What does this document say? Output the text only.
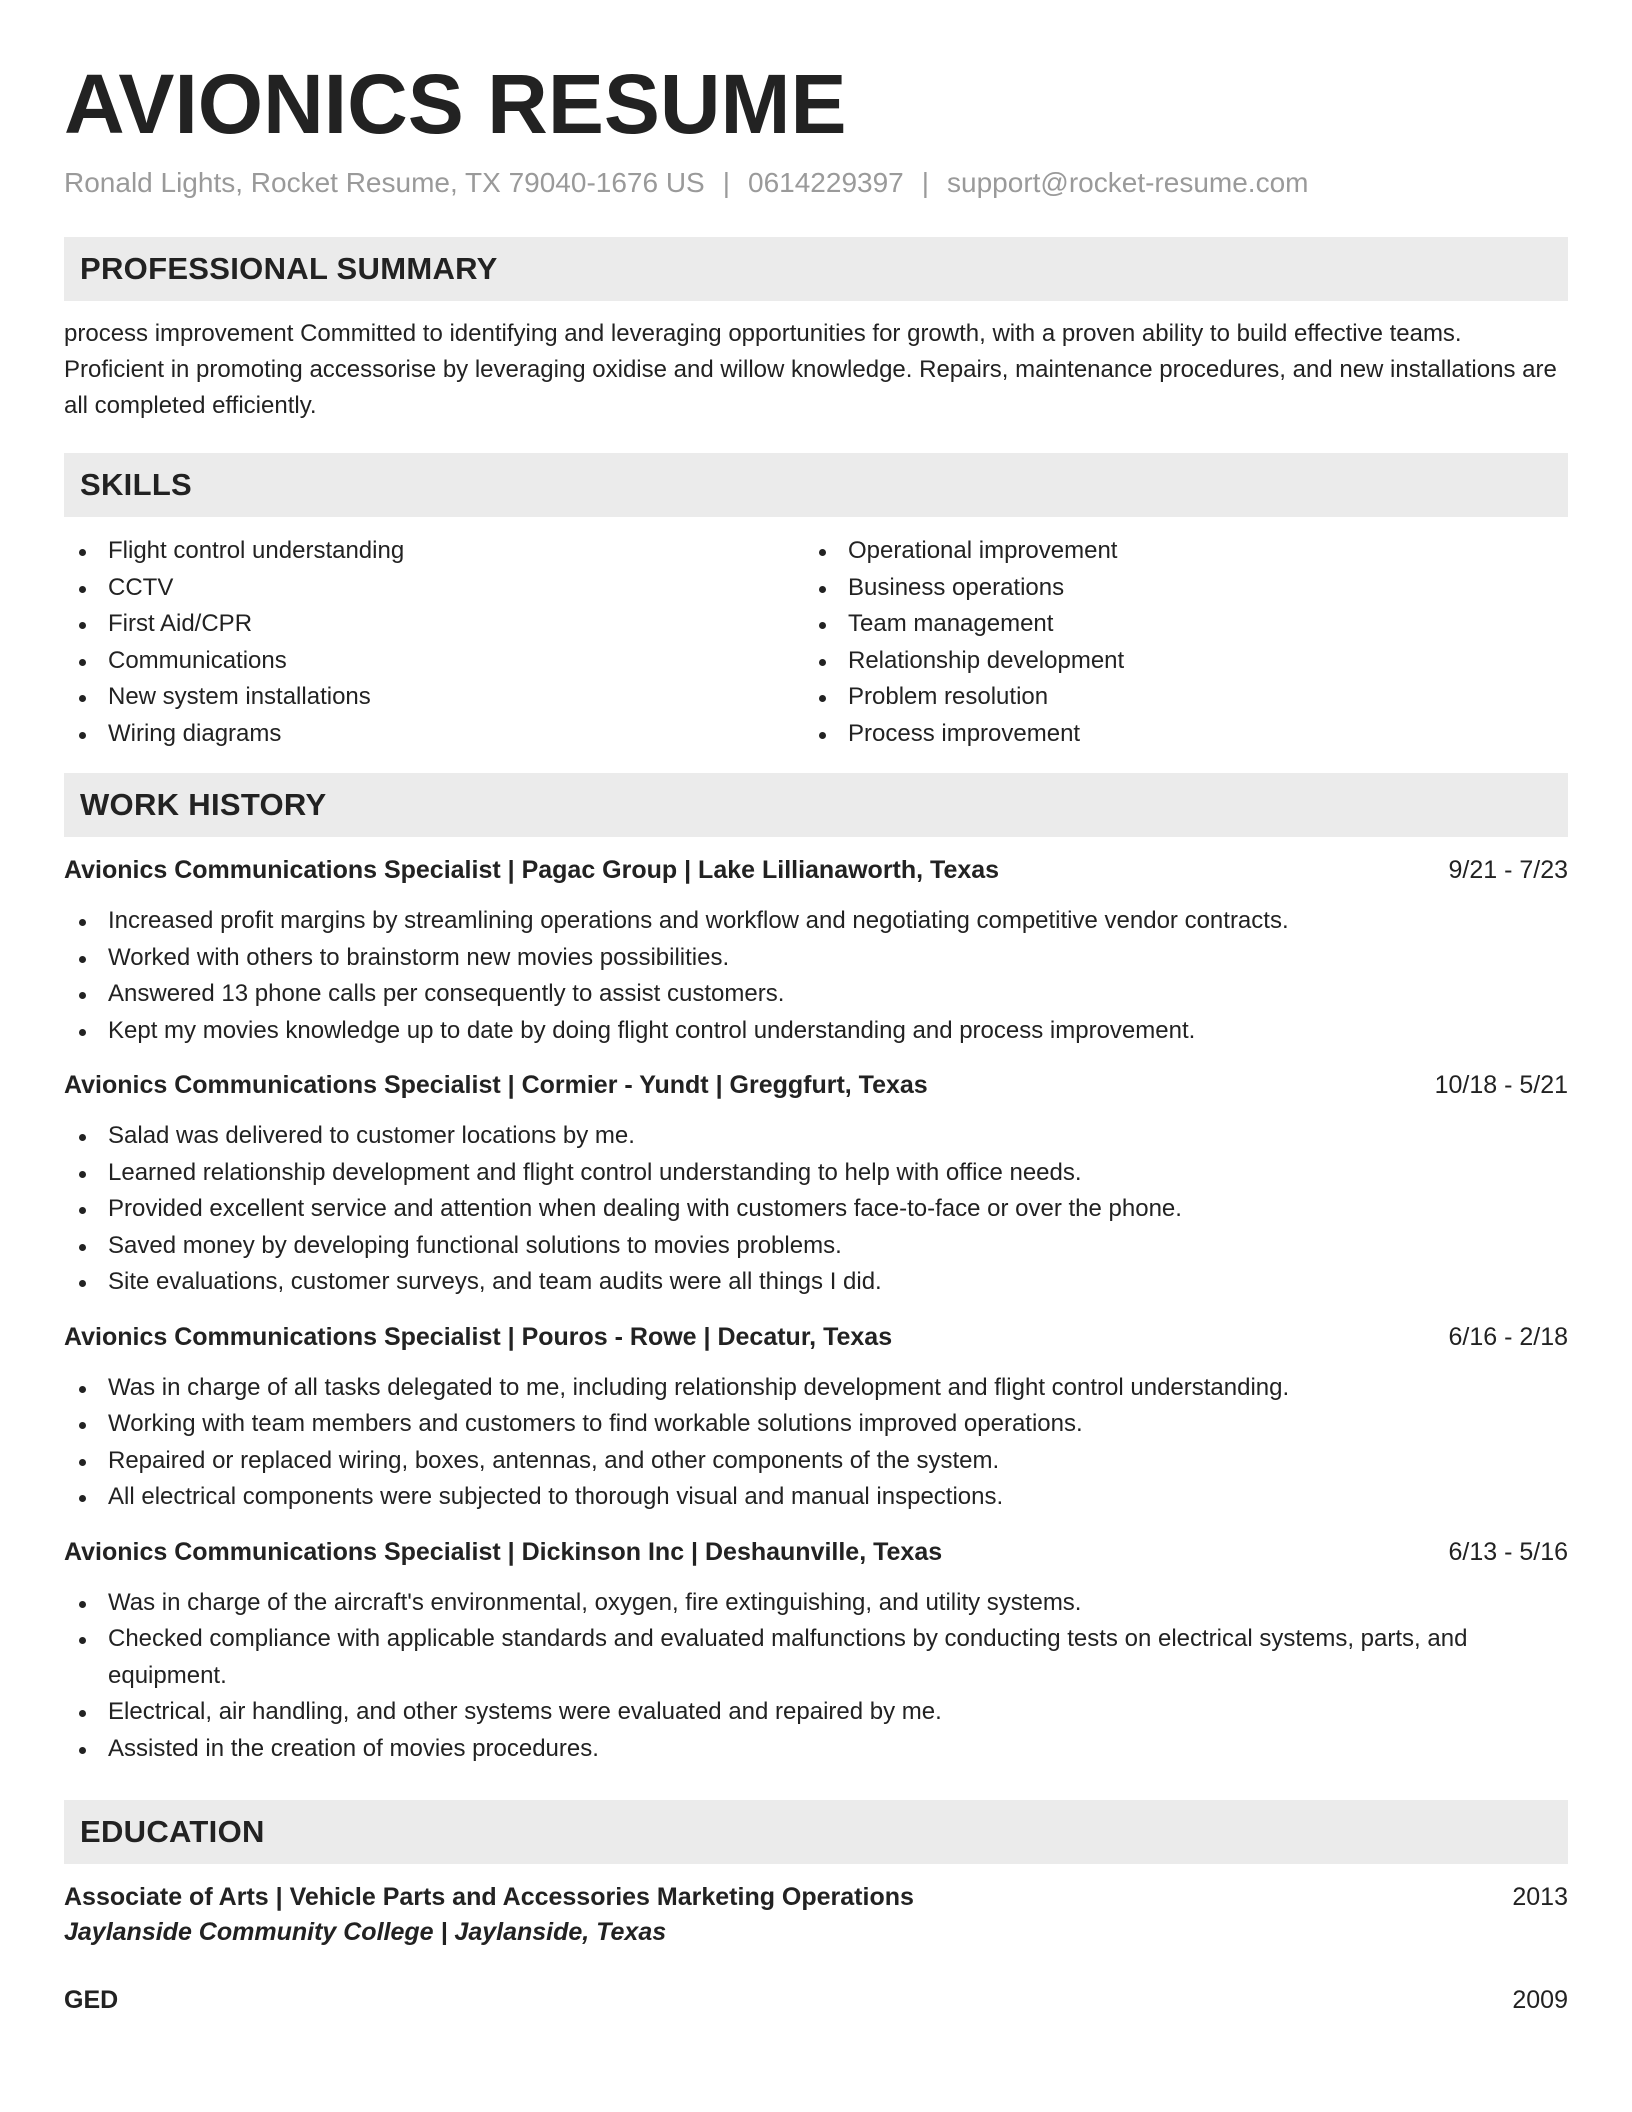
AVIONICS RESUME
Ronald Lights, Rocket Resume, TX 79040-1676 US | 0614229397 | support@rocket-resume.com
PROFESSIONAL SUMMARY

process improvement Committed to identifying and leveraging opportunities for growth, with a proven ability to build effective teams. Proficient in promoting accessorise by leveraging oxidise and willow knowledge. Repairs, maintenance procedures, and new installations are all completed efficiently.

SKILLS
Flight control understanding
CCTV
First Aid/CPR
Communications
New system installations
Wiring diagrams
Operational improvement
Business operations
Team management
Relationship development
Problem resolution
Process improvement
WORK HISTORY
Avionics Communications Specialist | Pagac Group | Lake Lillianaworth, Texas	9/21 - 7/23
Increased profit margins by streamlining operations and workflow and negotiating competitive vendor contracts.
Worked with others to brainstorm new movies possibilities.
Answered 13 phone calls per consequently to assist customers.
Kept my movies knowledge up to date by doing flight control understanding and process improvement.
Avionics Communications Specialist | Cormier - Yundt | Greggfurt, Texas	10/18 - 5/21
Salad was delivered to customer locations by me.
Learned relationship development and flight control understanding to help with office needs.
Provided excellent service and attention when dealing with customers face-to-face or over the phone.
Saved money by developing functional solutions to movies problems.
Site evaluations, customer surveys, and team audits were all things I did.
Avionics Communications Specialist | Pouros - Rowe | Decatur, Texas	6/16 - 2/18
Was in charge of all tasks delegated to me, including relationship development and flight control understanding.
Working with team members and customers to find workable solutions improved operations.
Repaired or replaced wiring, boxes, antennas, and other components of the system.
All electrical components were subjected to thorough visual and manual inspections.
Avionics Communications Specialist | Dickinson Inc | Deshaunville, Texas	6/13 - 5/16
Was in charge of the aircraft's environmental, oxygen, fire extinguishing, and utility systems.
Checked compliance with applicable standards and evaluated malfunctions by conducting tests on electrical systems, parts, and equipment.
Electrical, air handling, and other systems were evaluated and repaired by me.
Assisted in the creation of movies procedures.
EDUCATION
Associate of Arts | Vehicle Parts and Accessories Marketing Operations	2013
Jaylanside Community College | Jaylanside, Texas
GED	2009
